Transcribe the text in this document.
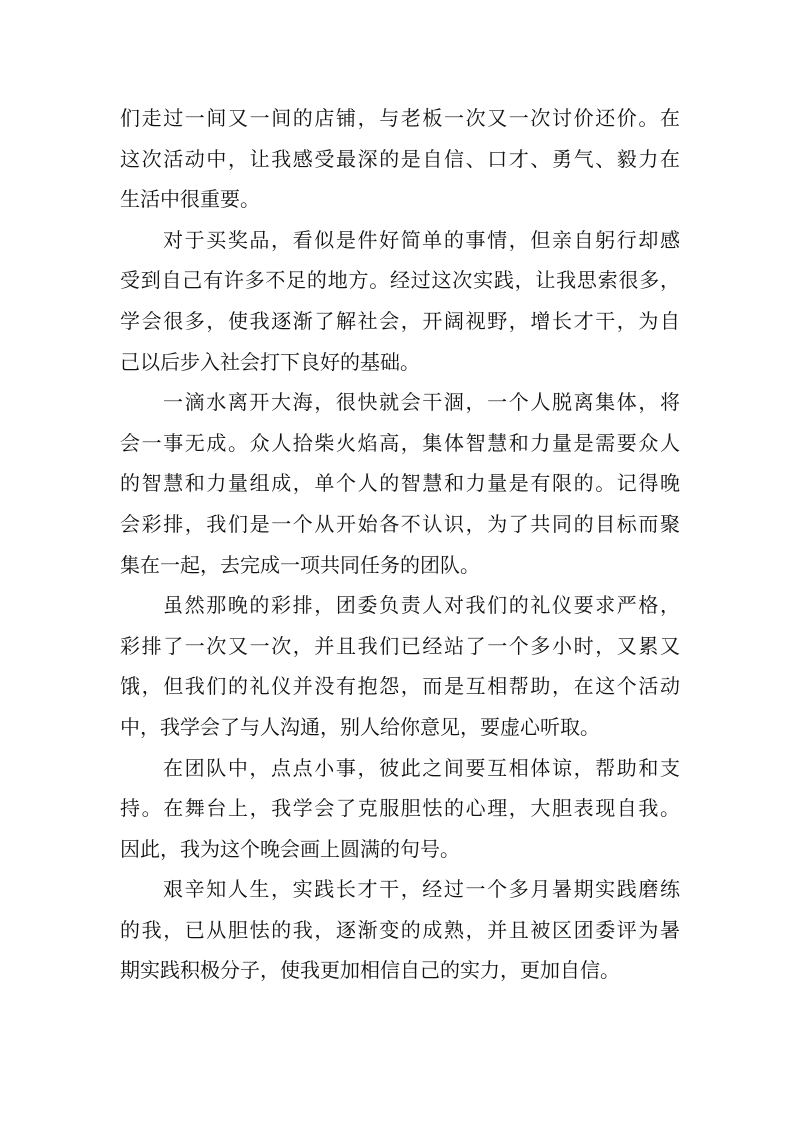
们走过一间又一间的店铺，与老板一次又一次讨价还价。在
这次活动中，让我感受最深的是自信、口才、勇气、毅力在
生活中很重要。
对于买奖品，看似是件好简单的事情，但亲自躬行却感
受到自己有许多不足的地方。经过这次实践，让我思索很多，
学会很多，使我逐渐了解社会，开阔视野，增长才干，为自
己以后步入社会打下良好的基础。
一滴水离开大海，很快就会干涸，一个人脱离集体，将
会一事无成。众人拾柴火焰高，集体智慧和力量是需要众人
的智慧和力量组成，单个人的智慧和力量是有限的。记得晚
会彩排，我们是一个从开始各不认识，为了共同的目标而聚
集在一起，去完成一项共同任务的团队。
虽然那晚的彩排，团委负责人对我们的礼仪要求严格，
彩排了一次又一次，并且我们已经站了一个多小时，又累又
饿，但我们的礼仪并没有抱怨，而是互相帮助，在这个活动
中，我学会了与人沟通，别人给你意见，要虚心听取。
在团队中，点点小事，彼此之间要互相体谅，帮助和支
持。在舞台上，我学会了克服胆怯的心理，大胆表现自我。
因此，我为这个晚会画上圆满的句号。
艰辛知人生，实践长才干，经过一个多月暑期实践磨练
的我，已从胆怯的我，逐渐变的成熟，并且被区团委评为暑
期实践积极分子，使我更加相信自己的实力，更加自信。
